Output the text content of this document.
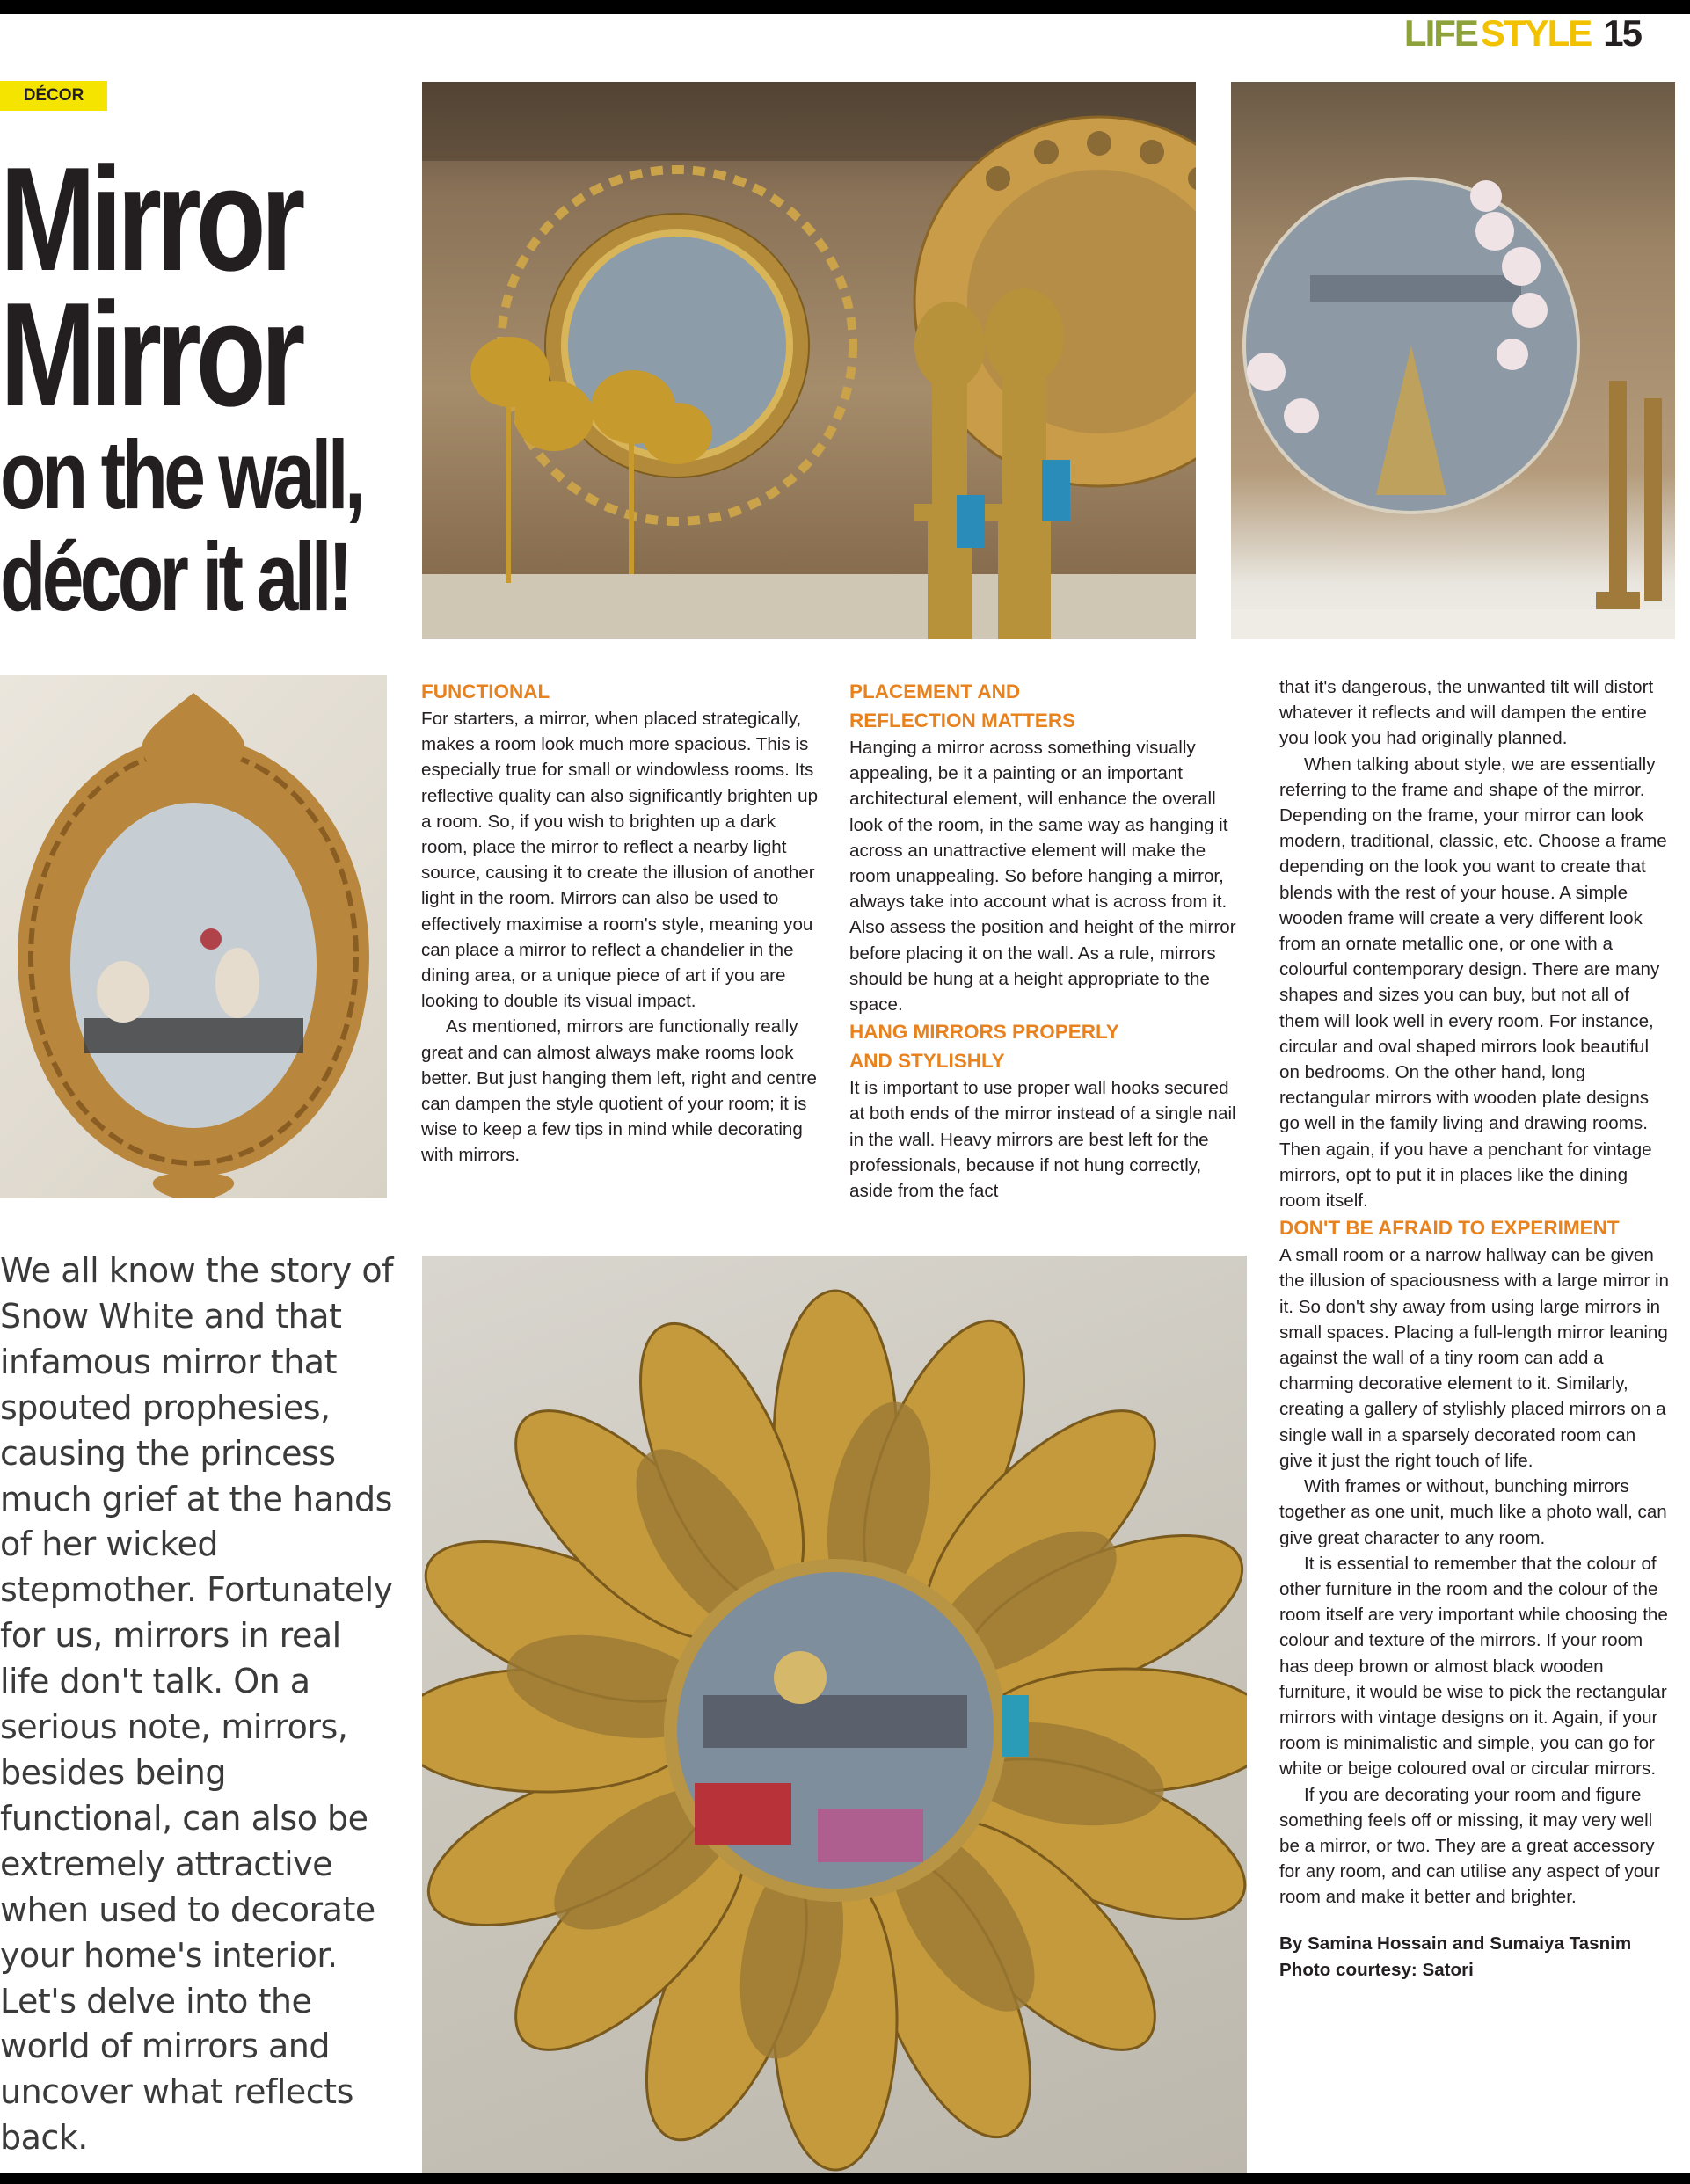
LIFE STYLE 15
DÉCOR
Mirror
Mirror
on the wall,
décor it all!
We all know the story of Snow White and that infamous mirror that spouted prophesies, causing the princess much grief at the hands of her wicked stepmother. Fortunately for us, mirrors in real life don't talk. On a serious note, mirrors, besides being functional, can also be extremely attractive when used to decorate your home's interior. Let's delve into the world of mirrors and uncover what reflects back.
FUNCTIONAL

For starters, a mirror, when placed strategically, makes a room look much more spacious. This is especially true for small or windowless rooms. Its reflective quality can also significantly brighten up a room. So, if you wish to brighten up a dark room, place the mirror to reflect a nearby light source, causing it to create the illusion of another light in the room. Mirrors can also be used to effectively maximise a room's style, meaning you can place a mirror to reflect a chandelier in the dining area, or a unique piece of art if you are looking to double its visual impact.

As mentioned, mirrors are functionally really great and can almost always make rooms look better. But just hanging them left, right and centre can dampen the style quotient of your room; it is wise to keep a few tips in mind while decorating with mirrors.

PLACEMENT AND
REFLECTION MATTERS

Hanging a mirror across something visually appealing, be it a painting or an important architectural element, will enhance the overall look of the room, in the same way as hanging it across an unattractive element will make the room unappealing. So before hanging a mirror, always take into account what is across from it. Also assess the position and height of the mirror before placing it on the wall. As a rule, mirrors should be hung at a height appropriate to the space.

HANG MIRRORS PROPERLY
AND STYLISHLY

It is important to use proper wall hooks secured at both ends of the mirror instead of a single nail in the wall. Heavy mirrors are best left for the professionals, because if not hung correctly, aside from the fact

that it's dangerous, the unwanted tilt will distort whatever it reflects and will dampen the entire you look you had originally planned.

When talking about style, we are essentially referring to the frame and shape of the mirror. Depending on the frame, your mirror can look modern, traditional, classic, etc. Choose a frame depending on the look you want to create that blends with the rest of your house. A simple wooden frame will create a very different look from an ornate metallic one, or one with a colourful contemporary design. There are many shapes and sizes you can buy, but not all of them will look well in every room. For instance, circular and oval shaped mirrors look beautiful on bedrooms. On the other hand, long rectangular mirrors with wooden plate designs go well in the family living and drawing rooms. Then again, if you have a penchant for vintage mirrors, opt to put it in places like the dining room itself.

DON'T BE AFRAID TO EXPERIMENT

A small room or a narrow hallway can be given the illusion of spaciousness with a large mirror in it. So don't shy away from using large mirrors in small spaces. Placing a full-length mirror leaning against the wall of a tiny room can add a charming decorative element to it. Similarly, creating a gallery of stylishly placed mirrors on a single wall in a sparsely decorated room can give it just the right touch of life.

With frames or without, bunching mirrors together as one unit, much like a photo wall, can give great character to any room.

It is essential to remember that the colour of other furniture in the room and the colour of the room itself are very important while choosing the colour and texture of the mirrors. If your room has deep brown or almost black wooden furniture, it would be wise to pick the rectangular mirrors with vintage designs on it. Again, if your room is minimalistic and simple, you can go for white or beige coloured oval or circular mirrors.

If you are decorating your room and figure something feels off or missing, it may very well be a mirror, or two. They are a great accessory for any room, and can utilise any aspect of your room and make it better and brighter.

By Samina Hossain and Sumaiya Tasnim
Photo courtesy: Satori
